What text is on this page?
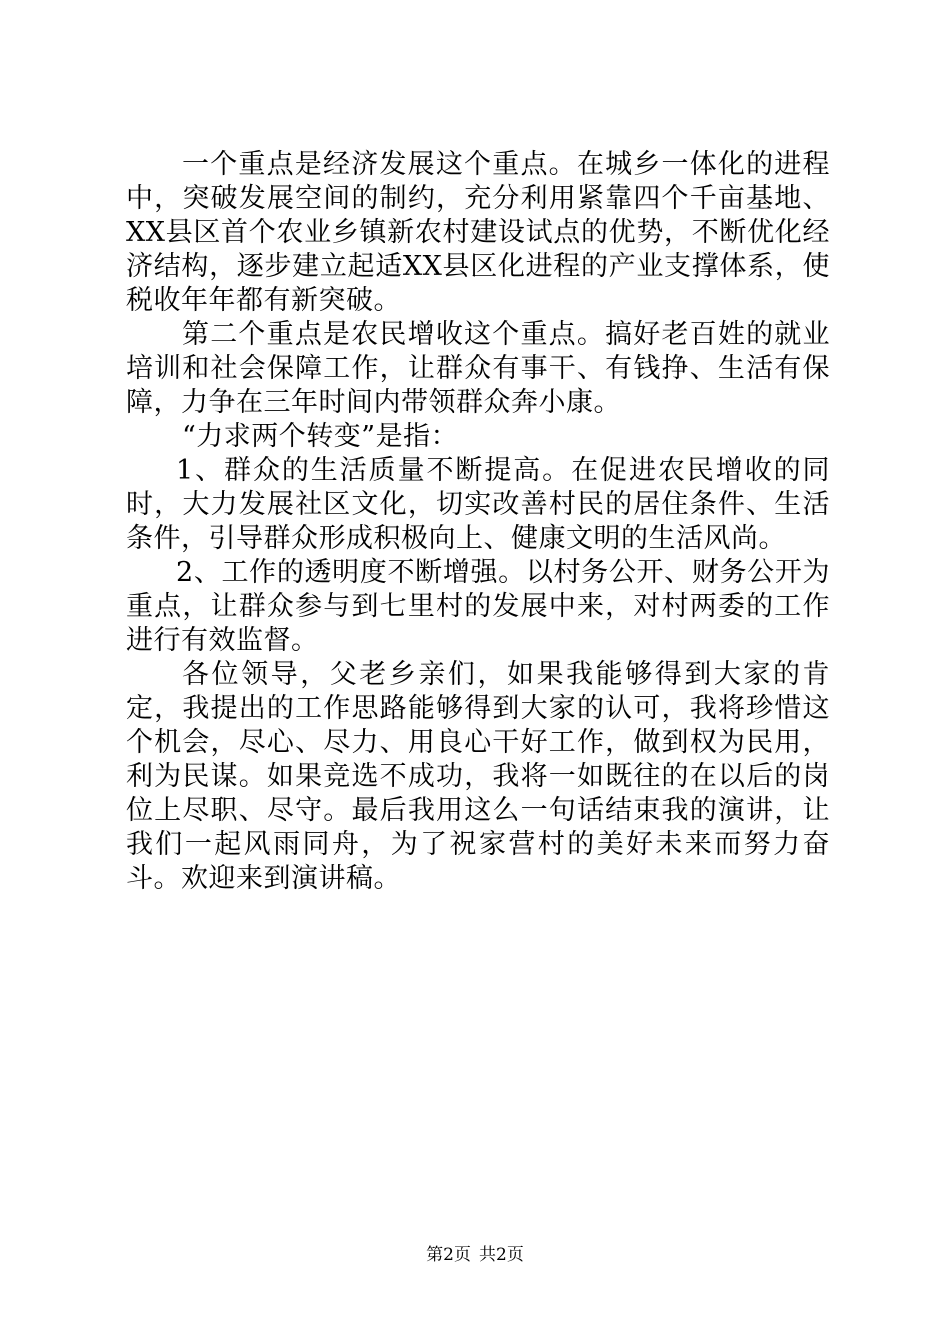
一个重点是经济发展这个重点。在城乡一体化的进程中，突破发展空间的制约，充分利用紧靠四个千亩基地、XX县区首个农业乡镇新农村建设试点的优势，不断优化经济结构，逐步建立起适XX县区化进程的产业支撑体系，使税收年年都有新突破。

第二个重点是农民增收这个重点。搞好老百姓的就业培训和社会保障工作，让群众有事干、有钱挣、生活有保障，力争在三年时间内带领群众奔小康。

“力求两个转变”是指：

1、群众的生活质量不断提高。在促进农民增收的同时，大力发展社区文化，切实改善村民的居住条件、生活条件，引导群众形成积极向上、健康文明的生活风尚。

2、工作的透明度不断增强。以村务公开、财务公开为重点，让群众参与到七里村的发展中来，对村两委的工作进行有效监督。

各位领导，父老乡亲们，如果我能够得到大家的肯定，我提出的工作思路能够得到大家的认可，我将珍惜这个机会，尽心、尽力、用良心干好工作，做到权为民用，利为民谋。如果竞选不成功，我将一如既往的在以后的岗位上尽职、尽守。最后我用这么一句话结束我的演讲，让我们一起风雨同舟，为了祝家营村的美好未来而努力奋斗。欢迎来到演讲稿。

第2页 共2页
